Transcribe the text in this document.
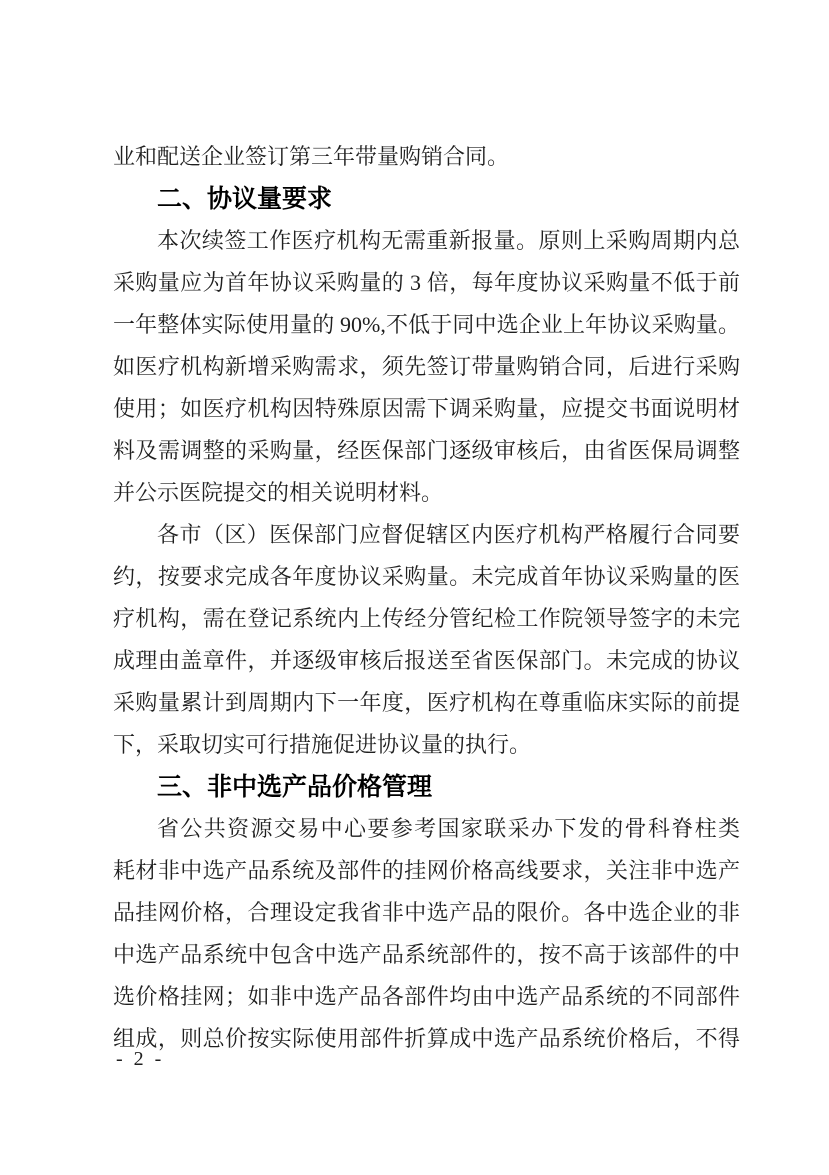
业和配送企业签订第三年带量购销合同。
二、协议量要求
本次续签工作医疗机构无需重新报量。原则上采购周期内总
采购量应为首年协议采购量的 3 倍，每年度协议采购量不低于前
一年整体实际使用量的 90%,不低于同中选企业上年协议采购量。
如医疗机构新增采购需求，须先签订带量购销合同，后进行采购
使用；如医疗机构因特殊原因需下调采购量，应提交书面说明材
料及需调整的采购量，经医保部门逐级审核后，由省医保局调整
并公示医院提交的相关说明材料。
各市（区）医保部门应督促辖区内医疗机构严格履行合同要
约，按要求完成各年度协议采购量。未完成首年协议采购量的医
疗机构，需在登记系统内上传经分管纪检工作院领导签字的未完
成理由盖章件，并逐级审核后报送至省医保部门。未完成的协议
采购量累计到周期内下一年度，医疗机构在尊重临床实际的前提
下，采取切实可行措施促进协议量的执行。
三、非中选产品价格管理
省公共资源交易中心要参考国家联采办下发的骨科脊柱类
耗材非中选产品系统及部件的挂网价格高线要求，关注非中选产
品挂网价格，合理设定我省非中选产品的限价。各中选企业的非
中选产品系统中包含中选产品系统部件的，按不高于该部件的中
选价格挂网；如非中选产品各部件均由中选产品系统的不同部件
组成，则总价按实际使用部件折算成中选产品系统价格后，不得
- 2 -
